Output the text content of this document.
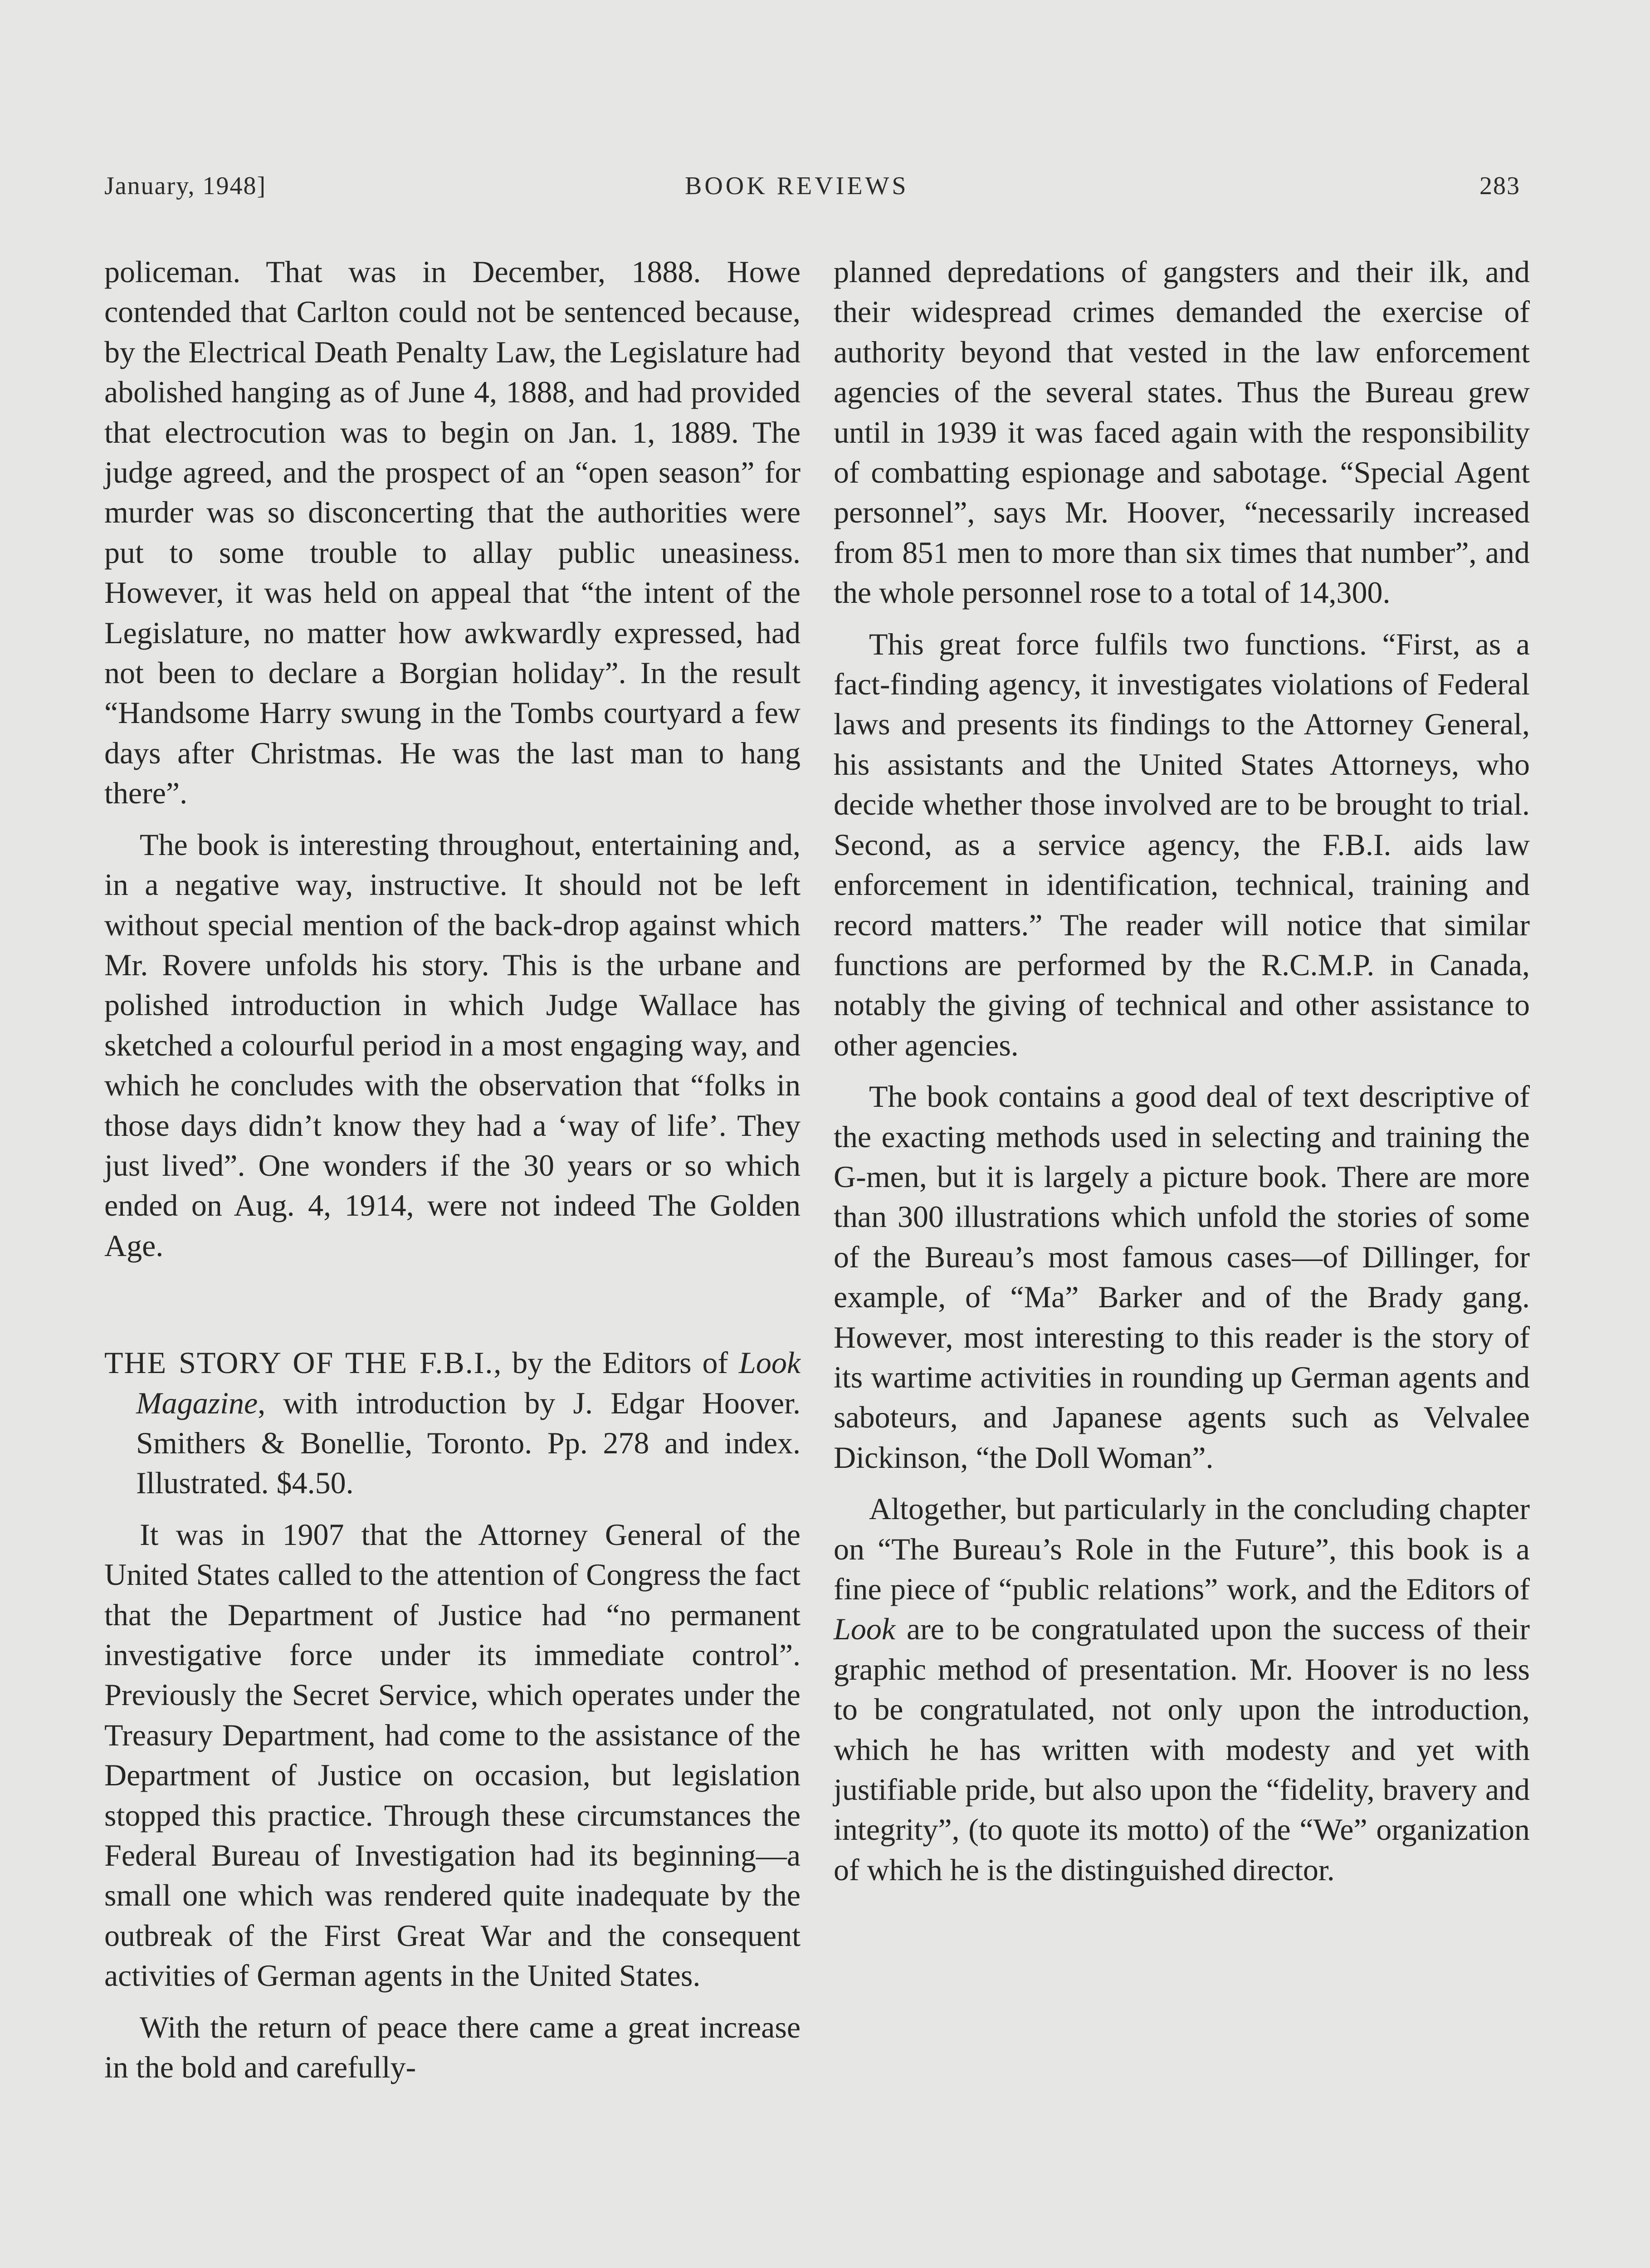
January, 1948]	BOOK REVIEWS	283

policeman. That was in December, 1888. Howe contended that Carlton could not be sentenced because, by the Electrical Death Penalty Law, the Legislature had abolished hanging as of June 4, 1888, and had provided that electrocution was to begin on Jan. 1, 1889. The judge agreed, and the prospect of an “open season” for murder was so disconcerting that the authorities were put to some trouble to allay public uneasiness. However, it was held on appeal that “the intent of the Legislature, no matter how awkwardly expressed, had not been to declare a Borgian holiday”. In the result “Handsome Harry swung in the Tombs courtyard a few days after Christmas. He was the last man to hang there”.

The book is interesting throughout, entertaining and, in a negative way, instructive. It should not be left without special mention of the back-drop against which Mr. Rovere unfolds his story. This is the urbane and polished introduction in which Judge Wallace has sketched a colourful period in a most engaging way, and which he concludes with the observation that “folks in those days didn’t know they had a ‘way of life’. They just lived”. One wonders if the 30 years or so which ended on Aug. 4, 1914, were not indeed The Golden Age.

THE STORY OF THE F.B.I., by the Editors of Look Magazine, with introduction by J. Edgar Hoover. Smithers & Bonellie, Toronto. Pp. 278 and index. Illustrated. $4.50.

It was in 1907 that the Attorney General of the United States called to the attention of Congress the fact that the Department of Justice had “no permanent investigative force under its immediate control”. Previously the Secret Service, which operates under the Treasury Department, had come to the assistance of the Department of Justice on occasion, but legislation stopped this practice. Through these circumstances the Federal Bureau of Investigation had its beginning—a small one which was rendered quite inadequate by the outbreak of the First Great War and the consequent activities of German agents in the United States.

With the return of peace there came a great increase in the bold and carefully-

planned depredations of gangsters and their ilk, and their widespread crimes demanded the exercise of authority beyond that vested in the law enforcement agencies of the several states. Thus the Bureau grew until in 1939 it was faced again with the responsibility of combatting espionage and sabotage. “Special Agent personnel”, says Mr. Hoover, “necessarily increased from 851 men to more than six times that number”, and the whole personnel rose to a total of 14,300.

This great force fulfils two functions. “First, as a fact-finding agency, it investigates violations of Federal laws and presents its findings to the Attorney General, his assistants and the United States Attorneys, who decide whether those involved are to be brought to trial. Second, as a service agency, the F.B.I. aids law enforcement in identification, technical, training and record matters.” The reader will notice that similar functions are performed by the R.C.M.P. in Canada, notably the giving of technical and other assistance to other agencies.

The book contains a good deal of text descriptive of the exacting methods used in selecting and training the G-men, but it is largely a picture book. There are more than 300 illustrations which unfold the stories of some of the Bureau’s most famous cases—of Dillinger, for example, of “Ma” Barker and of the Brady gang. However, most interesting to this reader is the story of its wartime activities in rounding up German agents and saboteurs, and Japanese agents such as Velvalee Dickinson, “the Doll Woman”.

Altogether, but particularly in the concluding chapter on “The Bureau’s Role in the Future”, this book is a fine piece of “public relations” work, and the Editors of Look are to be congratulated upon the success of their graphic method of presentation. Mr. Hoover is no less to be congratulated, not only upon the introduction, which he has written with modesty and yet with justifiable pride, but also upon the “fidelity, bravery and integrity”, (to quote its motto) of the “We” organization of which he is the distinguished director.
